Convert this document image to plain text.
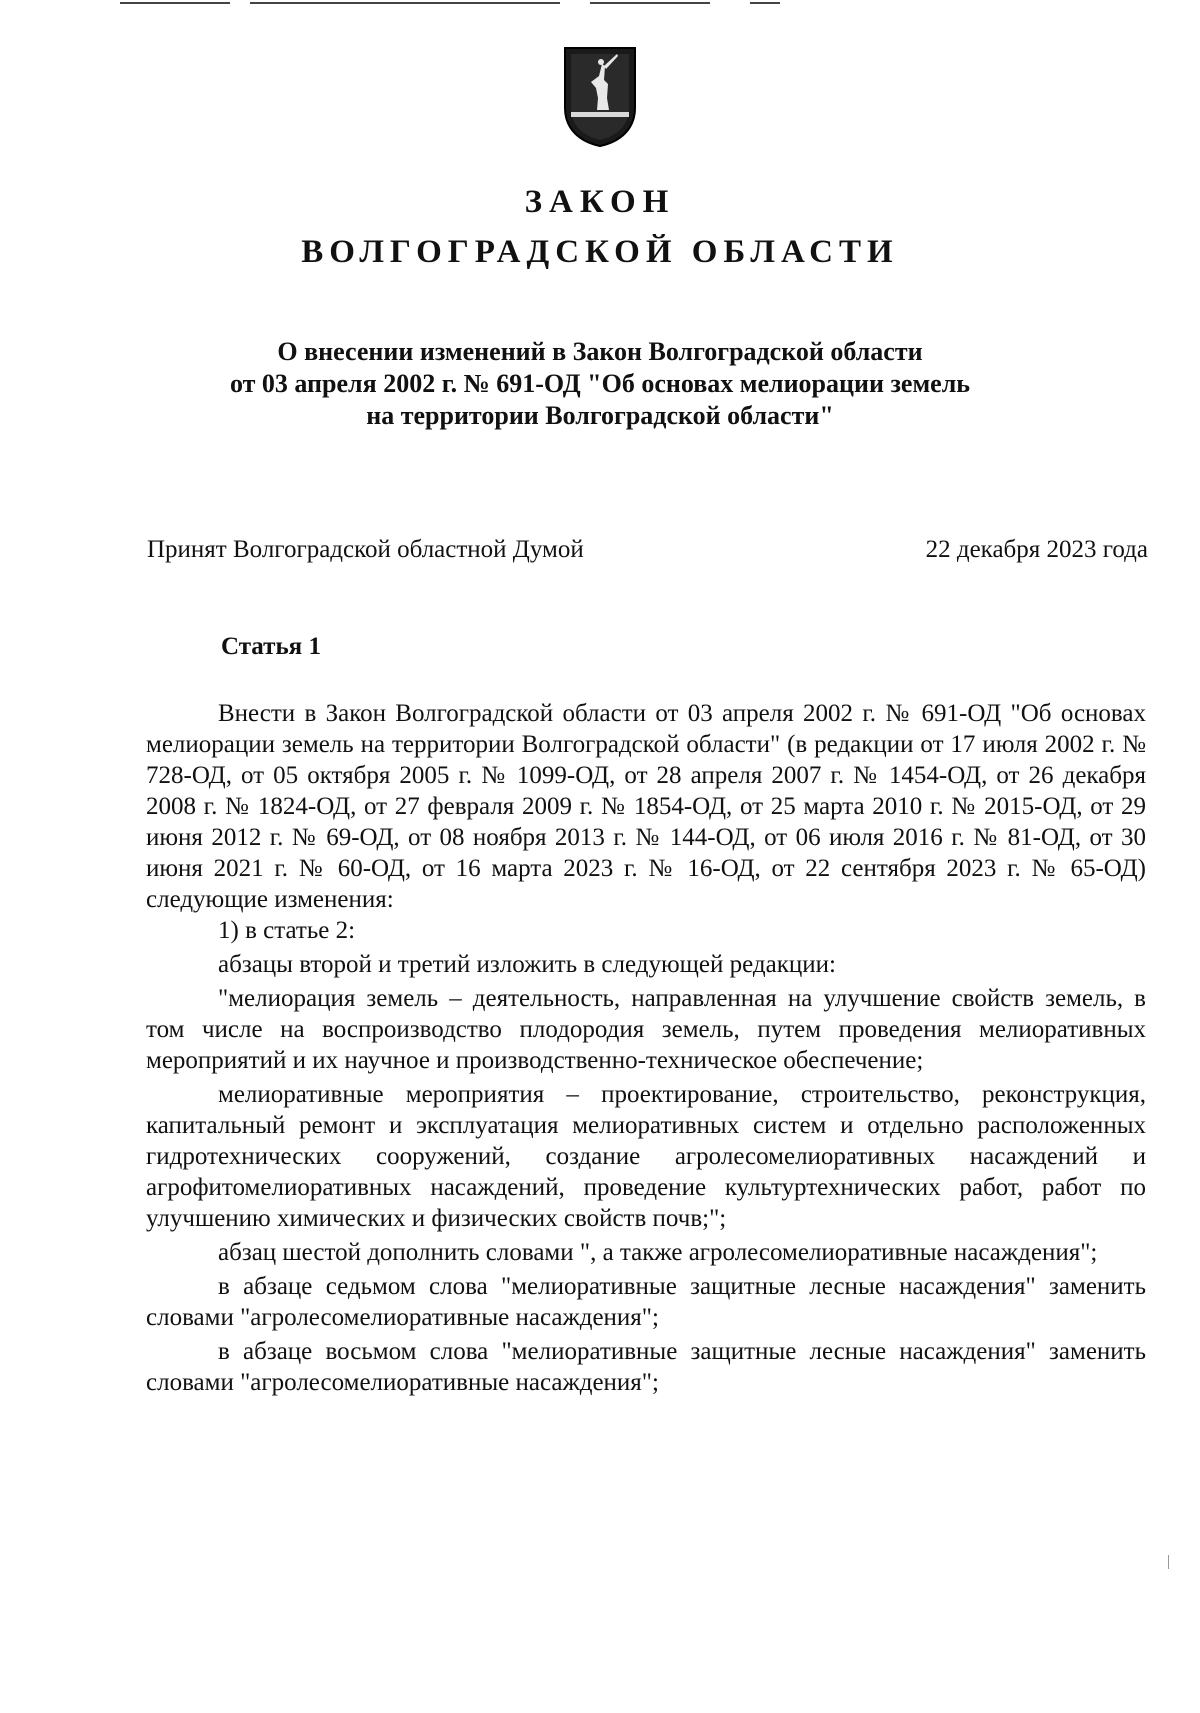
ЗАКОН
ВОЛГОГРАДСКОЙ ОБЛАСТИ
О внесении изменений в Закон Волгоградской области
от 03 апреля 2002 г. № 691-ОД "Об основах мелиорации земель
на территории Волгоградской области"
Принят Волгоградской областной Думой	22 декабря 2023 года
Статья 1

Внести в Закон Волгоградской области от 03 апреля 2002 г. № 691-ОД "Об основах мелиорации земель на территории Волгоградской области" (в редакции от 17 июля 2002 г. № 728-ОД, от 05 октября 2005 г. № 1099-ОД, от 28 апреля 2007 г. № 1454-ОД, от 26 декабря 2008 г. № 1824-ОД, от 27 февраля 2009 г. № 1854-ОД, от 25 марта 2010 г. № 2015-ОД, от 29 июня 2012 г. № 69-ОД, от 08 ноября 2013 г. № 144-ОД, от 06 июля 2016 г. № 81-ОД, от 30 июня 2021 г. № 60-ОД, от 16 марта 2023 г. № 16-ОД, от 22 сентября 2023 г. № 65-ОД) следующие изменения:

1) в статье 2:

абзацы второй и третий изложить в следующей редакции:

"мелиорация земель – деятельность, направленная на улучшение свойств земель, в том числе на воспроизводство плодородия земель, путем проведения мелиоративных мероприятий и их научное и производственно-техническое обеспечение;

мелиоративные мероприятия – проектирование, строительство, реконструкция, капитальный ремонт и эксплуатация мелиоративных систем и отдельно расположенных гидротехнических сооружений, создание агролесомелиоративных насаждений и агрофитомелиоративных насаждений, проведение культуртехнических работ, работ по улучшению химических и физических свойств почв;";

абзац шестой дополнить словами ", а также агролесомелиоративные насаждения";

в абзаце седьмом слова "мелиоративные защитные лесные насаждения" заменить словами "агролесомелиоративные насаждения";

в абзаце восьмом слова "мелиоративные защитные лесные насаждения" заменить словами "агролесомелиоративные насаждения";
